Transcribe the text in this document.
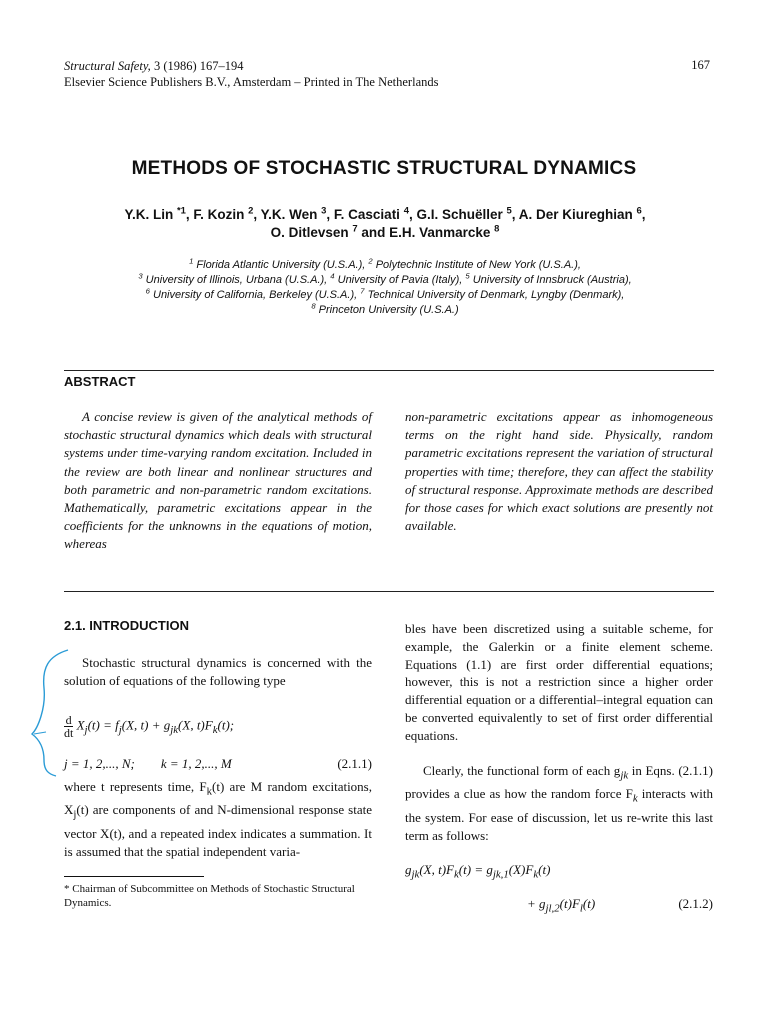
Structural Safety, 3 (1986) 167–194
Elsevier Science Publishers B.V., Amsterdam – Printed in The Netherlands
167
METHODS OF STOCHASTIC STRUCTURAL DYNAMICS
Y.K. Lin $^{*1}$, F. Kozin $^2$, Y.K. Wen $^3$, F. Casciati $^4$, G.I. Schuëller $^5$, A. Der Kiureghian $^6$,
O. Ditlevsen $^7$ and E.H. Vanmarcke $^8$
$^1$ Florida Atlantic University (U.S.A.), $^2$ Polytechnic Institute of New York (U.S.A.),
$^3$ University of Illinois, Urbana (U.S.A.), $^4$ University of Pavia (Italy), $^5$ University of Innsbruck (Austria),
$^6$ University of California, Berkeley (U.S.A.), $^7$ Technical University of Denmark, Lyngby (Denmark),
$^8$ Princeton University (U.S.A.)
ABSTRACT
A concise review is given of the analytical methods of stochastic structural dynamics which deals with structural systems under time-varying random excitation. Included in the review are both linear and nonlinear structures and both parametric and non-parametric random excitations. Mathematically, parametric excitations appear in the coefficients for the unknowns in the equations of motion, whereas
non-parametric excitations appear as inhomogeneous terms on the right hand side. Physically, random parametric excitations represent the variation of structural properties with time; therefore, they can affect the stability of structural response. Approximate methods are described for those cases for which exact solutions are presently not available.
2.1. INTRODUCTION

Stochastic structural dynamics is concerned with the solution of equations of the following type

$\frac{d}{dt} X_j(t) = f_j(X$, $t) + g_{jk}(X$, $t)F_k(t)$;
j = 1, 2,..., N;        k = 1, 2,..., M	(2.1.1)
where t represents time, $F_k(t)$ are M random excitations, $X_j(t)$ are components of and N-dimensional response state vector X(t), and a repeated index indicates a summation. It is assumed that the spatial independent varia-
* Chairman of Subcommittee on Methods of Stochastic Structural Dynamics.
bles have been discretized using a suitable scheme, for example, the Galerkin or a finite element scheme. Equations (1.1) are first order differential equations; however, this is not a restriction since a higher order differential equation or a differential–integral equation can be converted equivalently to set of first order differential equations.

Clearly, the functional form of each $g_{jk}$ in Eqns. (2.1.1) provides a clue as how the random force $F_k$ interacts with the system. For ease of discussion, let us re-write this last term as follows:

$g_{jk}(X$, $t)F_k(t) = g_{jk,1}(X)F_k(t)$
+ $g_{jl,2}(t)F_l(t)$	(2.1.2)
